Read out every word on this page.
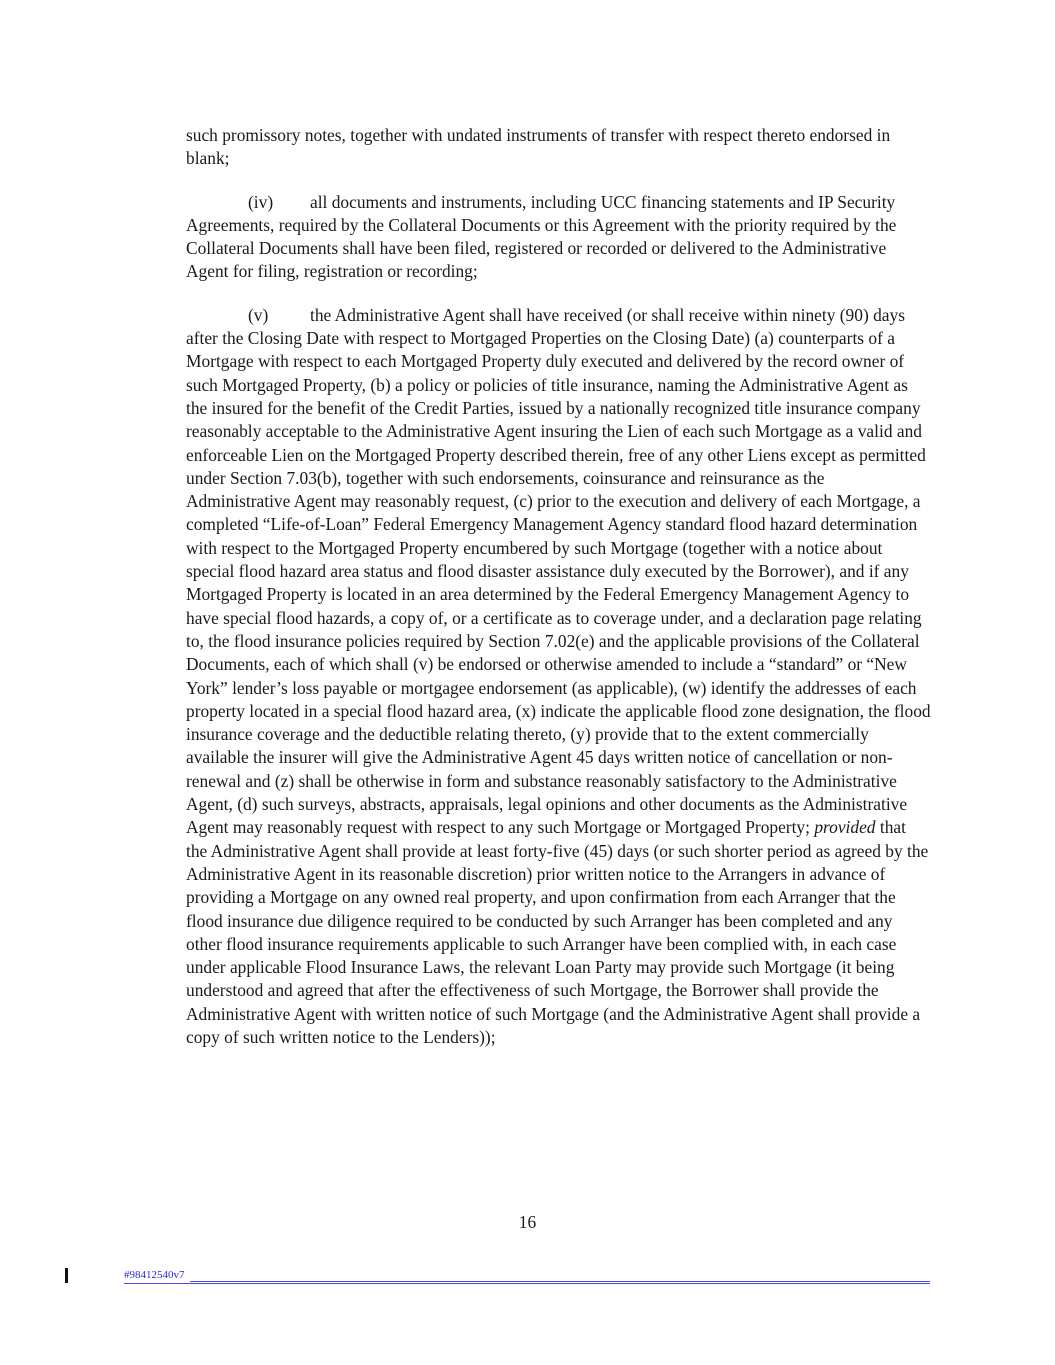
such promissory notes, together with undated instruments of transfer with respect thereto endorsed in blank;

(iv) all documents and instruments, including UCC financing statements and IP Security Agreements, required by the Collateral Documents or this Agreement with the priority required by the Collateral Documents shall have been filed, registered or recorded or delivered to the Administrative Agent for filing, registration or recording;

(v) the Administrative Agent shall have received (or shall receive within ninety (90) days after the Closing Date with respect to Mortgaged Properties on the Closing Date) (a) counterparts of a Mortgage with respect to each Mortgaged Property duly executed and delivered by the record owner of such Mortgaged Property, (b) a policy or policies of title insurance, naming the Administrative Agent as the insured for the benefit of the Credit Parties, issued by a nationally recognized title insurance company reasonably acceptable to the Administrative Agent insuring the Lien of each such Mortgage as a valid and enforceable Lien on the Mortgaged Property described therein, free of any other Liens except as permitted under Section 7.03(b), together with such endorsements, coinsurance and reinsurance as the Administrative Agent may reasonably request, (c) prior to the execution and delivery of each Mortgage, a completed “Life-of-Loan” Federal Emergency Management Agency standard flood hazard determination with respect to the Mortgaged Property encumbered by such Mortgage (together with a notice about special flood hazard area status and flood disaster assistance duly executed by the Borrower), and if any Mortgaged Property is located in an area determined by the Federal Emergency Management Agency to have special flood hazards, a copy of, or a certificate as to coverage under, and a declaration page relating to, the flood insurance policies required by Section 7.02(e) and the applicable provisions of the Collateral Documents, each of which shall (v) be endorsed or otherwise amended to include a “standard” or “New York” lender’s loss payable or mortgagee endorsement (as applicable), (w) identify the addresses of each property located in a special flood hazard area, (x) indicate the applicable flood zone designation, the flood insurance coverage and the deductible relating thereto, (y) provide that to the extent commercially available the insurer will give the Administrative Agent 45 days written notice of cancellation or non-renewal and (z) shall be otherwise in form and substance reasonably satisfactory to the Administrative Agent, (d) such surveys, abstracts, appraisals, legal opinions and other documents as the Administrative Agent may reasonably request with respect to any such Mortgage or Mortgaged Property; provided that the Administrative Agent shall provide at least forty-five (45) days (or such shorter period as agreed by the Administrative Agent in its reasonable discretion) prior written notice to the Arrangers in advance of providing a Mortgage on any owned real property, and upon confirmation from each Arranger that the flood insurance due diligence required to be conducted by such Arranger has been completed and any other flood insurance requirements applicable to such Arranger have been complied with, in each case under applicable Flood Insurance Laws, the relevant Loan Party may provide such Mortgage (it being understood and agreed that after the effectiveness of such Mortgage, the Borrower shall provide the Administrative Agent with written notice of such Mortgage (and the Administrative Agent shall provide a copy of such written notice to the Lenders));

16
#98412540v7
